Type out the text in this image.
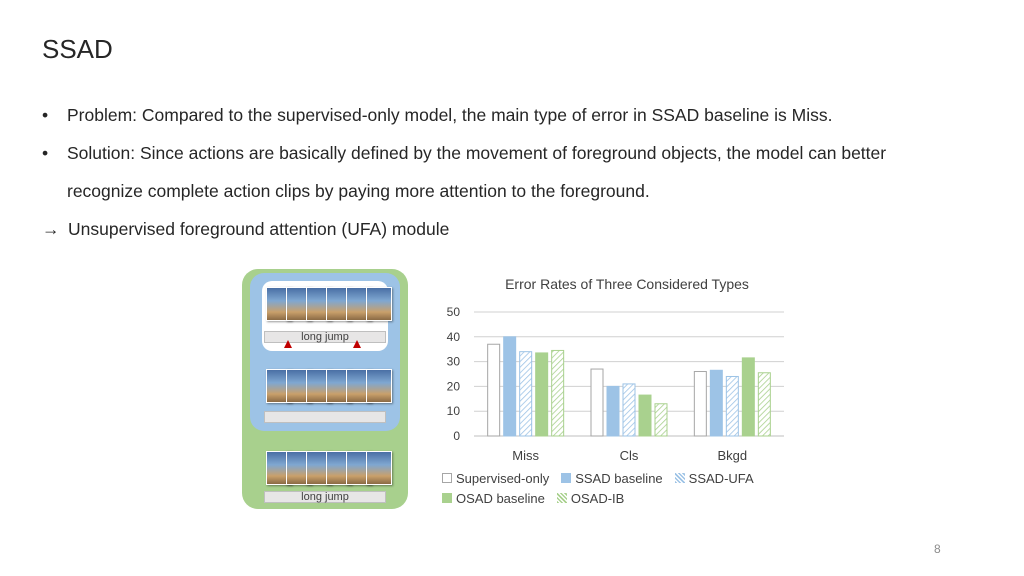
SSAD
•	Problem: Compared to the supervised-only model, the main type of error in SSAD baseline is Miss.
•	Solution: Since actions are basically defined by the movement of foreground objects, the model can better
recognize complete action clips by paying more attention to the foreground.
→ Unsupervised foreground attention (UFA) module
long jump
long jump
Error Rates of Three Considered Types
0
10
20
30
40
50
Miss	Cls	Bkgd
Supervised-only SSAD baseline SSAD-UFA
OSAD baseline OSAD-IB
8
